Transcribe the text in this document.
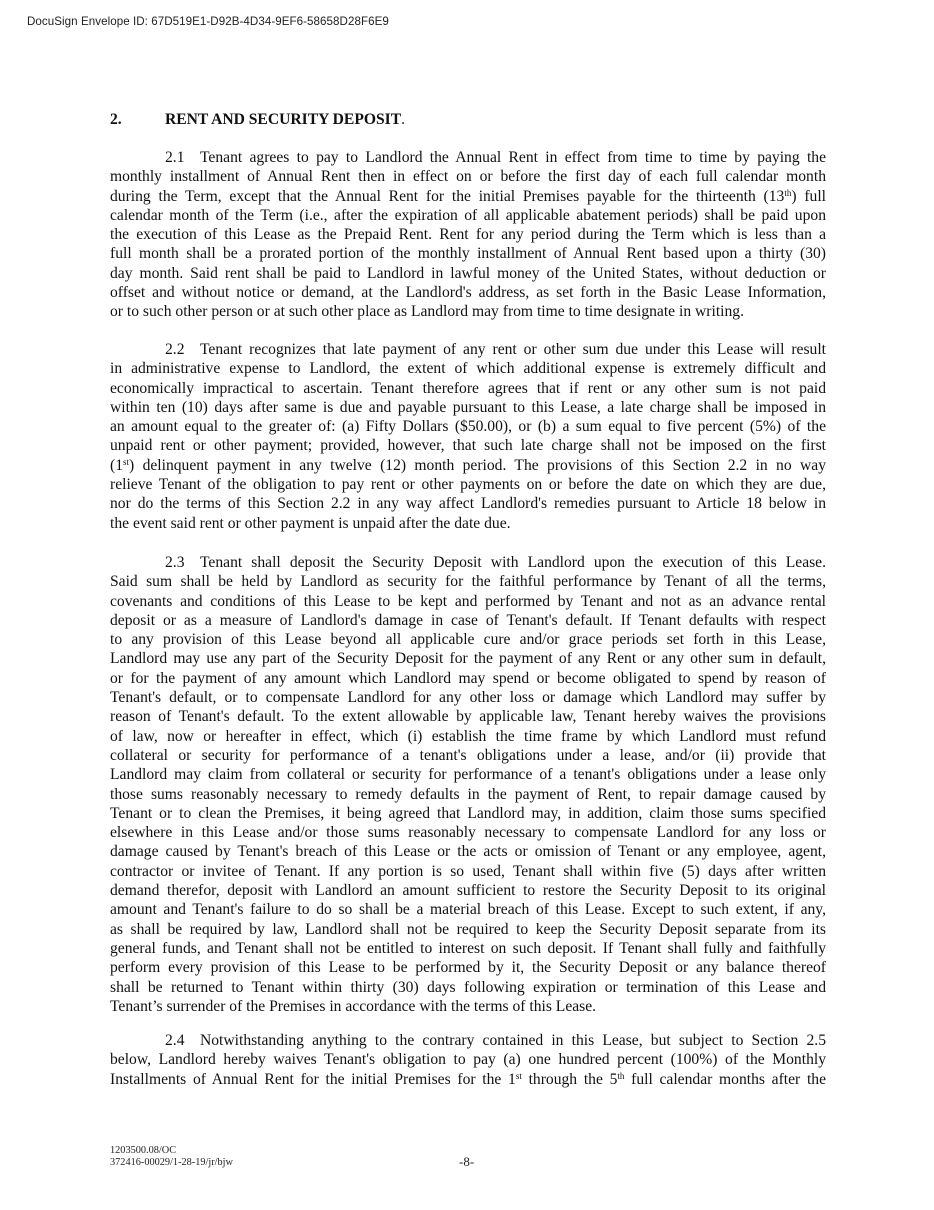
DocuSign Envelope ID: 67D519E1-D92B-4D34-9EF6-58658D28F6E9
2.	RENT AND SECURITY DEPOSIT.
2.1 Tenant agrees to pay to Landlord the Annual Rent in effect from time to time by paying the
monthly installment of Annual Rent then in effect on or before the first day of each full calendar month
during the Term, except that the Annual Rent for the initial Premises payable for the thirteenth (13th) full
calendar month of the Term (i.e., after the expiration of all applicable abatement periods) shall be paid upon
the execution of this Lease as the Prepaid Rent. Rent for any period during the Term which is less than a
full month shall be a prorated portion of the monthly installment of Annual Rent based upon a thirty (30)
day month. Said rent shall be paid to Landlord in lawful money of the United States, without deduction or
offset and without notice or demand, at the Landlord's address, as set forth in the Basic Lease Information,
or to such other person or at such other place as Landlord may from time to time designate in writing.
2.2 Tenant recognizes that late payment of any rent or other sum due under this Lease will result
in administrative expense to Landlord, the extent of which additional expense is extremely difficult and
economically impractical to ascertain. Tenant therefore agrees that if rent or any other sum is not paid
within ten (10) days after same is due and payable pursuant to this Lease, a late charge shall be imposed in
an amount equal to the greater of: (a) Fifty Dollars ($50.00), or (b) a sum equal to five percent (5%) of the
unpaid rent or other payment; provided, however, that such late charge shall not be imposed on the first
(1st) delinquent payment in any twelve (12) month period. The provisions of this Section 2.2 in no way
relieve Tenant of the obligation to pay rent or other payments on or before the date on which they are due,
nor do the terms of this Section 2.2 in any way affect Landlord's remedies pursuant to Article 18 below in
the event said rent or other payment is unpaid after the date due.
2.3 Tenant shall deposit the Security Deposit with Landlord upon the execution of this Lease.
Said sum shall be held by Landlord as security for the faithful performance by Tenant of all the terms,
covenants and conditions of this Lease to be kept and performed by Tenant and not as an advance rental
deposit or as a measure of Landlord's damage in case of Tenant's default. If Tenant defaults with respect
to any provision of this Lease beyond all applicable cure and/or grace periods set forth in this Lease,
Landlord may use any part of the Security Deposit for the payment of any Rent or any other sum in default,
or for the payment of any amount which Landlord may spend or become obligated to spend by reason of
Tenant's default, or to compensate Landlord for any other loss or damage which Landlord may suffer by
reason of Tenant's default. To the extent allowable by applicable law, Tenant hereby waives the provisions
of law, now or hereafter in effect, which (i) establish the time frame by which Landlord must refund
collateral or security for performance of a tenant's obligations under a lease, and/or (ii) provide that
Landlord may claim from collateral or security for performance of a tenant's obligations under a lease only
those sums reasonably necessary to remedy defaults in the payment of Rent, to repair damage caused by
Tenant or to clean the Premises, it being agreed that Landlord may, in addition, claim those sums specified
elsewhere in this Lease and/or those sums reasonably necessary to compensate Landlord for any loss or
damage caused by Tenant's breach of this Lease or the acts or omission of Tenant or any employee, agent,
contractor or invitee of Tenant. If any portion is so used, Tenant shall within five (5) days after written
demand therefor, deposit with Landlord an amount sufficient to restore the Security Deposit to its original
amount and Tenant's failure to do so shall be a material breach of this Lease. Except to such extent, if any,
as shall be required by law, Landlord shall not be required to keep the Security Deposit separate from its
general funds, and Tenant shall not be entitled to interest on such deposit. If Tenant shall fully and faithfully
perform every provision of this Lease to be performed by it, the Security Deposit or any balance thereof
shall be returned to Tenant within thirty (30) days following expiration or termination of this Lease and
Tenant’s surrender of the Premises in accordance with the terms of this Lease.
2.4 Notwithstanding anything to the contrary contained in this Lease, but subject to Section 2.5
below, Landlord hereby waives Tenant's obligation to pay (a) one hundred percent (100%) of the Monthly
Installments of Annual Rent for the initial Premises for the 1st through the 5th full calendar months after the
1203500.08/OC
372416-00029/1-28-19/jr/bjw	-8-
